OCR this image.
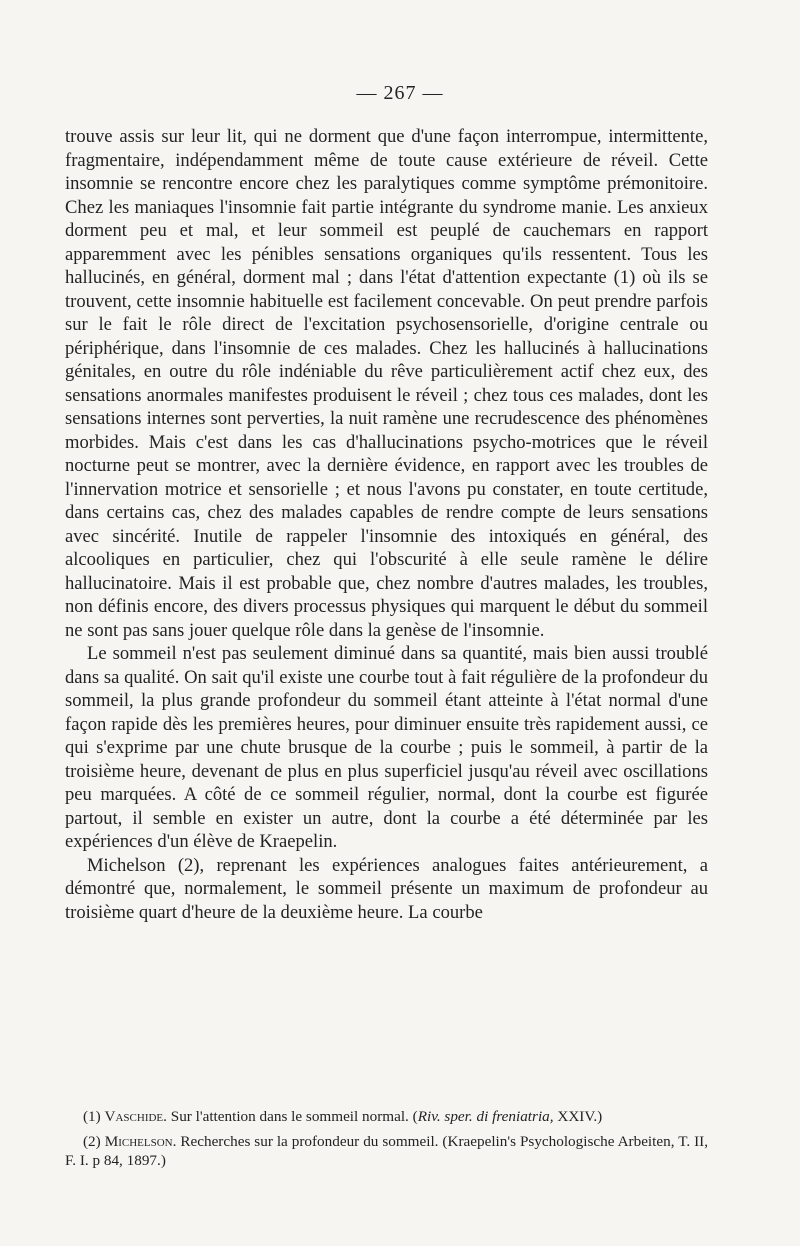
— 267 —

trouve assis sur leur lit, qui ne dorment que d'une façon interrompue, intermittente, fragmentaire, indépendamment même de toute cause extérieure de réveil. Cette insomnie se rencontre encore chez les paralytiques comme symptôme prémonitoire. Chez les maniaques l'insomnie fait partie intégrante du syndrome manie. Les anxieux dorment peu et mal, et leur sommeil est peuplé de cauchemars en rapport apparemment avec les pénibles sensations organiques qu'ils ressentent. Tous les hallucinés, en général, dorment mal ; dans l'état d'attention expectante (1) où ils se trouvent, cette insomnie habituelle est facilement concevable. On peut prendre parfois sur le fait le rôle direct de l'excitation psychosensorielle, d'origine centrale ou périphérique, dans l'insomnie de ces malades. Chez les hallucinés à hallucinations génitales, en outre du rôle indéniable du rêve particulièrement actif chez eux, des sensations anormales manifestes produisent le réveil ; chez tous ces malades, dont les sensations internes sont perverties, la nuit ramène une recrudescence des phénomènes morbides. Mais c'est dans les cas d'hallucinations psycho-motrices que le réveil nocturne peut se montrer, avec la dernière évidence, en rapport avec les troubles de l'innervation motrice et sensorielle ; et nous l'avons pu constater, en toute certitude, dans certains cas, chez des malades capables de rendre compte de leurs sensations avec sincérité. Inutile de rappeler l'insomnie des intoxiqués en général, des alcooliques en particulier, chez qui l'obscurité à elle seule ramène le délire hallucinatoire. Mais il est probable que, chez nombre d'autres malades, les troubles, non définis encore, des divers processus physiques qui marquent le début du sommeil ne sont pas sans jouer quelque rôle dans la genèse de l'insomnie.

Le sommeil n'est pas seulement diminué dans sa quantité, mais bien aussi troublé dans sa qualité. On sait qu'il existe une courbe tout à fait régulière de la profondeur du sommeil, la plus grande profondeur du sommeil étant atteinte à l'état normal d'une façon rapide dès les premières heures, pour diminuer ensuite très rapidement aussi, ce qui s'exprime par une chute brusque de la courbe ; puis le sommeil, à partir de la troisième heure, devenant de plus en plus superficiel jusqu'au réveil avec oscillations peu marquées. A côté de ce sommeil régulier, normal, dont la courbe est figurée partout, il semble en exister un autre, dont la courbe a été déterminée par les expériences d'un élève de Kraepelin.

Michelson (2), reprenant les expériences analogues faites antérieurement, a démontré que, normalement, le sommeil présente un maximum de profondeur au troisième quart d'heure de la deuxième heure. La courbe

(1) Vaschide. Sur l'attention dans le sommeil normal. (Riv. sper. di freniatria, XXIV.)

(2) Michelson. Recherches sur la profondeur du sommeil. (Kraepelin's Psychologische Arbeiten, T. II, F. I. p 84, 1897.)
